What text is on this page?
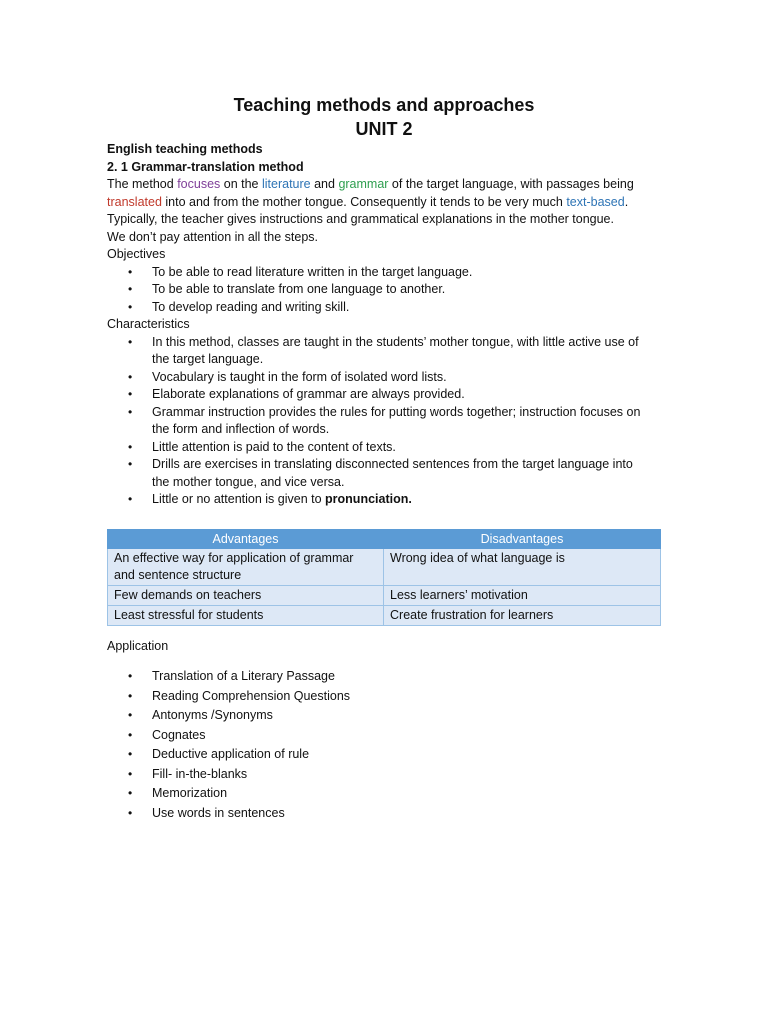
Teaching methods and approaches
UNIT 2
English teaching methods
2. 1 Grammar-translation method
The method focuses on the literature and grammar of the target language, with passages being
translated into and from the mother tongue. Consequently it tends to be very much text-based.
Typically, the teacher gives instructions and grammatical explanations in the mother tongue.
We don’t pay attention in all the steps.
Objectives
• To be able to read literature written in the target language.
• To be able to translate from one language to another.
• To develop reading and writing skill.
Characteristics
• In this method, classes are taught in the students’ mother tongue, with little active use of
the target language.
• Vocabulary is taught in the form of isolated word lists.
• Elaborate explanations of grammar are always provided.
• Grammar instruction provides the rules for putting words together; instruction focuses on
the form and inflection of words.
• Little attention is paid to the content of texts.
• Drills are exercises in translating disconnected sentences from the target language into
the mother tongue, and vice versa.
• Little or no attention is given to pronunciation.
Advantages	Disadvantages

An effective way for application of grammar
and sentence structure	Wrong idea of what language is
Few demands on teachers	Less learners’ motivation
Least stressful for students	Create frustration for learners
Application
• Translation of a Literary Passage
• Reading Comprehension Questions
• Antonyms /Synonyms
• Cognates
• Deductive application of rule
• Fill- in-the-blanks
• Memorization
• Use words in sentences
